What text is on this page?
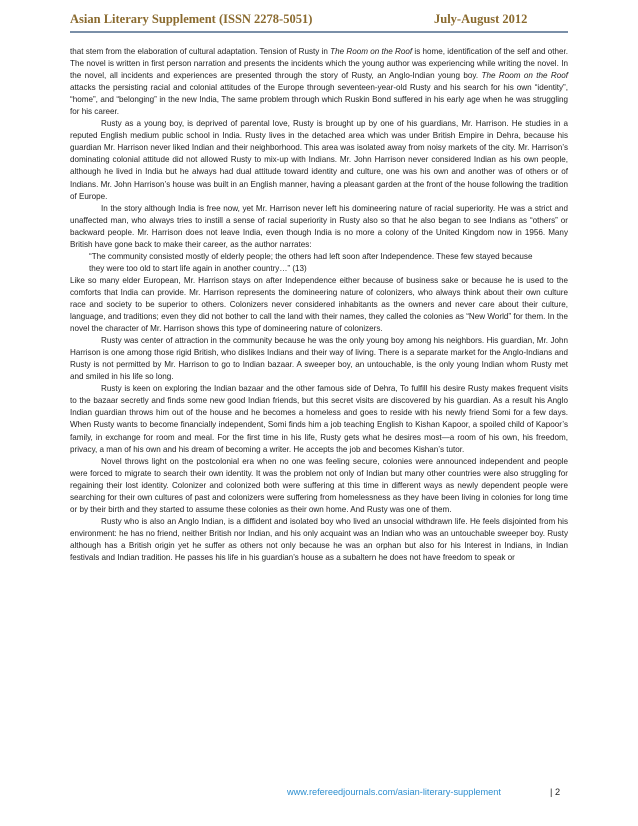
Asian Literary Supplement (ISSN 2278-5051)	July-August 2012

that stem from the elaboration of cultural adaptation. Tension of Rusty in The Room on the Roof is home, identification of the self and other. The novel is written in first person narration and presents the incidents which the young author was experiencing while writing the novel. In the novel, all incidents and experiences are presented through the story of Rusty, an Anglo-Indian young boy. The Room on the Roof attacks the persisting racial and colonial attitudes of the Europe through seventeen-year-old Rusty and his search for his own “identity”, “home”, and “belonging” in the new India, The same problem through which Ruskin Bond suffered in his early age when he was struggling for his career.

Rusty as a young boy, is deprived of parental love, Rusty is brought up by one of his guardians, Mr. Harrison. He studies in a reputed English medium public school in India. Rusty lives in the detached area which was under British Empire in Dehra, because his guardian Mr. Harrison never liked Indian and their neighborhood. This area was isolated away from noisy markets of the city. Mr. Harrison’s dominating colonial attitude did not allowed Rusty to mix-up with Indians. Mr. John Harrison never considered Indian as his own people, although he lived in India but he always had dual attitude toward identity and culture, one was his own and another was of others or of Indians. Mr. John Harrison’s house was built in an English manner, having a pleasant garden at the front of the house following the tradition of Europe.

In the story although India is free now, yet Mr. Harrison never left his domineering nature of racial superiority. He was a strict and unaffected man, who always tries to instill a sense of racial superiority in Rusty also so that he also began to see Indians as “others” or backward people. Mr. Harrison does not leave India, even though India is no more a colony of the United Kingdom now in 1956. Many British have gone back to make their career, as the author narrates:

“The community consisted mostly of elderly people; the others had left soon after Independence. These few stayed because they were too old to start life again in another country…” (13)

Like so many elder European, Mr. Harrison stays on after Independence either because of business sake or because he is used to the comforts that India can provide. Mr. Harrison represents the domineering nature of colonizers, who always think about their own culture race and society to be superior to others. Colonizers never considered inhabitants as the owners and never care about their culture, language, and traditions; even they did not bother to call the land with their names, they called the colonies as “New World” for them. In the novel the character of Mr. Harrison shows this type of domineering nature of colonizers.

Rusty was center of attraction in the community because he was the only young boy among his neighbors. His guardian, Mr. John Harrison is one among those rigid British, who dislikes Indians and their way of living. There is a separate market for the Anglo-Indians and Rusty is not permitted by Mr. Harrison to go to Indian bazaar. A sweeper boy, an untouchable, is the only young Indian whom Rusty met and smiled in his life so long.

Rusty is keen on exploring the Indian bazaar and the other famous side of Dehra, To fulfill his desire Rusty makes frequent visits to the bazaar secretly and finds some new good Indian friends, but this secret visits are discovered by his guardian. As a result his Anglo Indian guardian throws him out of the house and he becomes a homeless and goes to reside with his newly friend Somi for a few days. When Rusty wants to become financially independent, Somi finds him a job teaching English to Kishan Kapoor, a spoiled child of Kapoor’s family, in exchange for room and meal. For the first time in his life, Rusty gets what he desires most—a room of his own, his freedom, privacy, a man of his own and his dream of becoming a writer. He accepts the job and becomes Kishan’s tutor.

Novel throws light on the postcolonial era when no one was feeling secure, colonies were announced independent and people were forced to migrate to search their own identity. It was the problem not only of Indian but many other countries were also struggling for regaining their lost identity. Colonizer and colonized both were suffering at this time in different ways as newly dependent people were searching for their own cultures of past and colonizers were suffering from homelessness as they have been living in colonies for long time or by their birth and they started to assume these colonies as their own home. And Rusty was one of them.

Rusty who is also an Anglo Indian, is a diffident and isolated boy who lived an unsocial withdrawn life. He feels disjointed from his environment: he has no friend, neither British nor Indian, and his only acquaint was an Indian who was an untouchable sweeper boy. Rusty although has a British origin yet he suffer as others not only because he was an orphan but also for his Interest in Indians, in Indian festivals and Indian tradition. He passes his life in his guardian’s house as a subaltern he does not have freedom to speak or

www.refereedjournals.com/asian-literary-supplement	| 2
